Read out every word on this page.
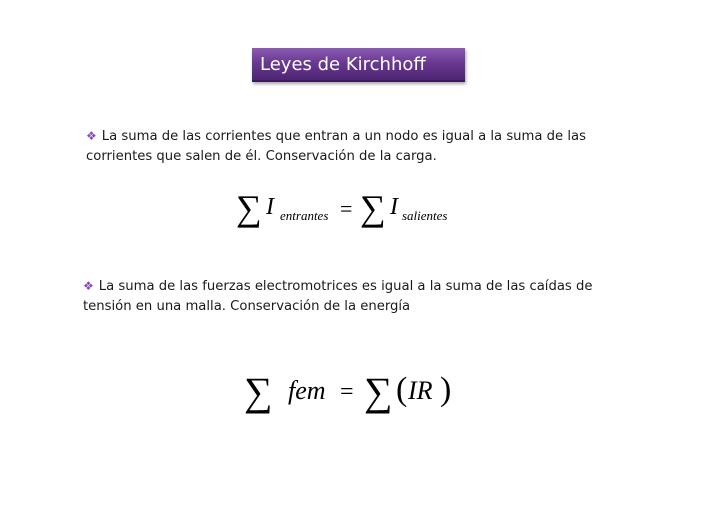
Leyes de Kirchhoff
❖ La suma de las corrientes que entran a un nodo es igual a la suma de las
corrientes que salen de él. Conservación de la carga.
∑ I entrantes = ∑ I salientes
❖ La suma de las fuerzas electromotrices es igual a la suma de las caídas de
tensión en una malla. Conservación de la energía
∑ fem = ∑ ( IR )
